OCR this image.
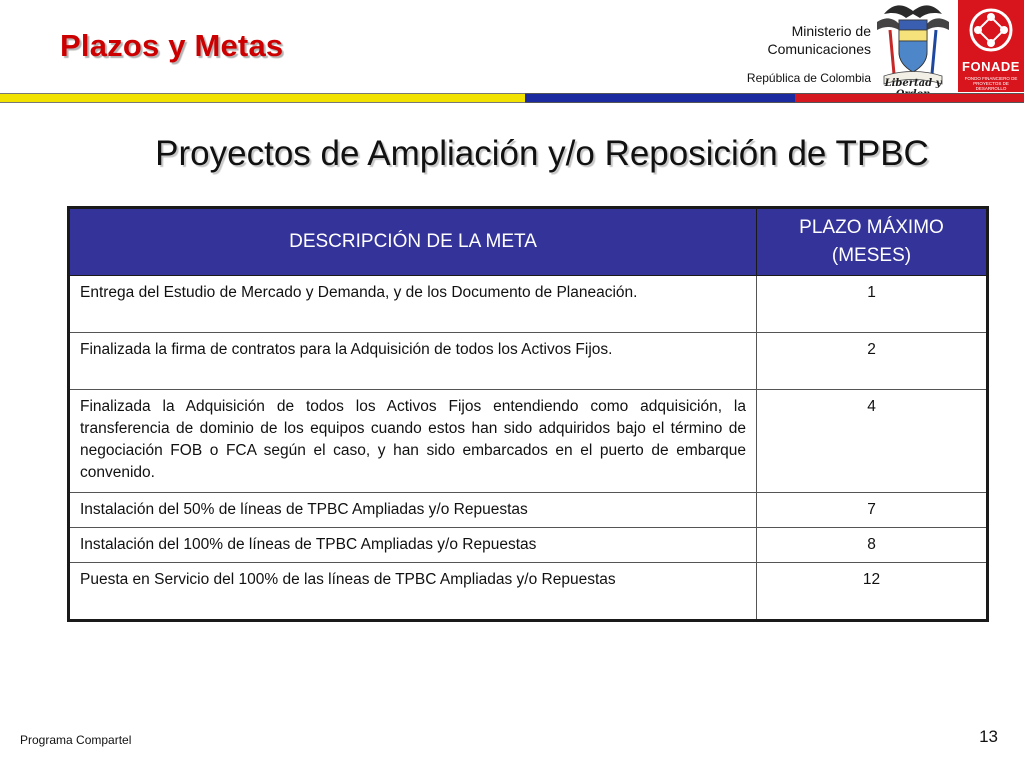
Plazos y Metas	Ministerio de
Comunicaciones
República de Colombia	Libertad y
FONADE
FONDO FINANCIERO DE PROYECTOS DE DESARROLLO
Proyectos de Ampliación y/o Reposición de TPBC
DESCRIPCIÓN DE LA META	PLAZO MÁXIMO
(MESES)
Entrega del Estudio de Mercado y Demanda, y de los Documento de Planeación.	1
Finalizada la firma de contratos para la Adquisición de todos los Activos Fijos.	2
Finalizada la Adquisición de todos los Activos Fijos entendiendo como adquisición, la transferencia de dominio de los equipos cuando estos han sido adquiridos bajo el término de negociación FOB o FCA según el caso, y han sido embarcados en el puerto de embarque convenido.	4
Instalación del 50% de líneas de TPBC Ampliadas y/o Repuestas	7
Instalación del 100% de líneas de TPBC Ampliadas y/o Repuestas	8
Puesta en Servicio del 100% de las líneas de TPBC Ampliadas y/o Repuestas	12
Programa Compartel	13
